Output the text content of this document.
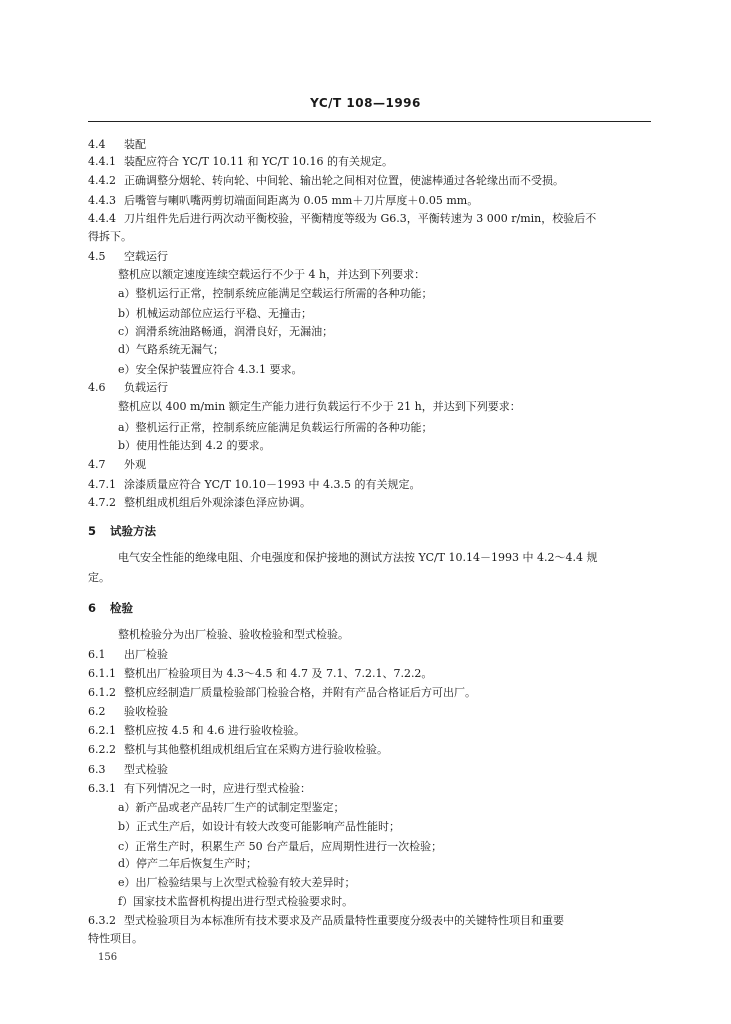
YC/T 108—1996
4.4 装配
4.4.1 装配应符合 YC/T 10.11 和 YC/T 10.16 的有关规定。
4.4.2 正确调整分烟轮、转向轮、中间轮、输出轮之间相对位置，使滤棒通过各轮缘出而不受损。
4.4.3 后嘴管与喇叭嘴两剪切端面间距离为 0.05 mm＋刀片厚度＋0.05 mm。
4.4.4 刀片组件先后进行两次动平衡校验，平衡精度等级为 G6.3，平衡转速为 3 000 r/min，校验后不
得拆下。
4.5 空载运行
整机应以额定速度连续空载运行不少于 4 h，并达到下列要求：
a）整机运行正常，控制系统应能满足空载运行所需的各种功能；
b）机械运动部位应运行平稳、无撞击；
c）润滑系统油路畅通，润滑良好，无漏油；
d）气路系统无漏气；
e）安全保护装置应符合 4.3.1 要求。
4.6 负载运行
整机应以 400 m/min 额定生产能力进行负载运行不少于 21 h，并达到下列要求：
a）整机运行正常，控制系统应能满足负载运行所需的各种功能；
b）使用性能达到 4.2 的要求。
4.7 外观
4.7.1 涂漆质量应符合 YC/T 10.10－1993 中 4.3.5 的有关规定。
4.7.2 整机组成机组后外观涂漆色泽应协调。
5 试验方法
电气安全性能的绝缘电阻、介电强度和保护接地的测试方法按 YC/T 10.14－1993 中 4.2～4.4 规
定。
6 检验
整机检验分为出厂检验、验收检验和型式检验。
6.1 出厂检验
6.1.1 整机出厂检验项目为 4.3～4.5 和 4.7 及 7.1、7.2.1、7.2.2。
6.1.2 整机应经制造厂质量检验部门检验合格，并附有产品合格证后方可出厂。
6.2 验收检验
6.2.1 整机应按 4.5 和 4.6 进行验收检验。
6.2.2 整机与其他整机组成机组后宜在采购方进行验收检验。
6.3 型式检验
6.3.1 有下列情况之一时，应进行型式检验：
a）新产品或老产品转厂生产的试制定型鉴定；
b）正式生产后，如设计有较大改变可能影响产品性能时；
c）正常生产时，积累生产 50 台产量后，应周期性进行一次检验；
d）停产二年后恢复生产时；
e）出厂检验结果与上次型式检验有较大差异时；
f）国家技术监督机构提出进行型式检验要求时。
6.3.2 型式检验项目为本标准所有技术要求及产品质量特性重要度分级表中的关键特性项目和重要
特性项目。
156
